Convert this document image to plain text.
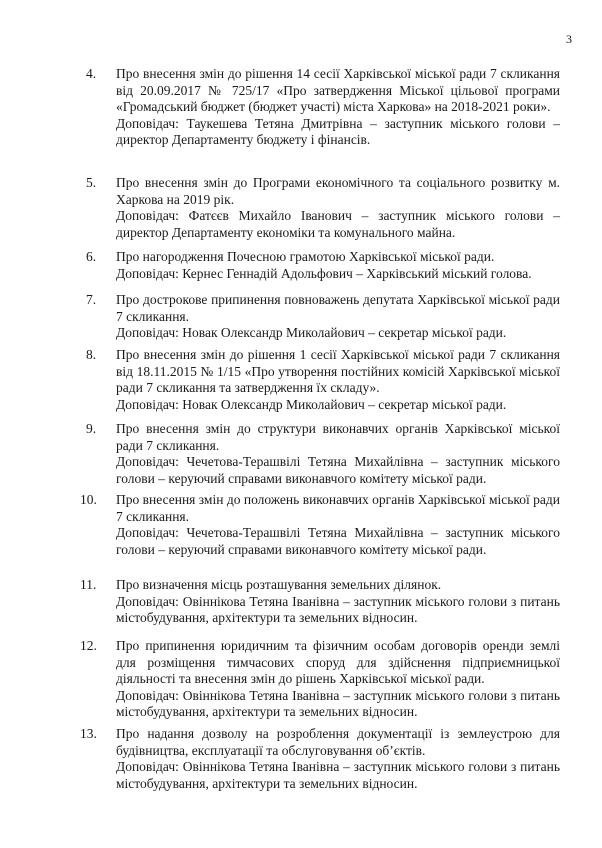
3
4. Про внесення змін до рішення 14 сесії Харківської міської ради 7 скликання від 20.09.2017 № 725/17 «Про затвердження Міської цільової програми «Громадський бюджет (бюджет участі) міста Харкова» на 2018-2021 роки».

Доповідач: Таукешева Тетяна Дмитрівна – заступник міського голови – директор Департаменту бюджету і фінансів.

5. Про внесення змін до Програми економічного та соціального розвитку м. Харкова на 2019 рік.

Доповідач: Фатєєв Михайло Іванович – заступник міського голови – директор Департаменту економіки та комунального майна.

6. Про нагородження Почесною грамотою Харківської міської ради.

Доповідач: Кернес Геннадій Адольфович – Харківський міський голова.

7. Про дострокове припинення повноважень депутата Харківської міської ради 7 скликання.

Доповідач: Новак Олександр Миколайович – секретар міської ради.

8. Про внесення змін до рішення 1 сесії Харківської міської ради 7 скликання від 18.11.2015 № 1/15 «Про утворення постійних комісій Харківської міської ради 7 скликання та затвердження їх складу».

Доповідач: Новак Олександр Миколайович – секретар міської ради.

9. Про внесення змін до структури виконавчих органів Харківської міської ради 7 скликання.

Доповідач: Чечетова-Терашвілі Тетяна Михайлівна – заступник міського голови – керуючий справами виконавчого комітету міської ради.

10. Про внесення змін до положень виконавчих органів Харківської міської ради 7 скликання.

Доповідач: Чечетова-Терашвілі Тетяна Михайлівна – заступник міського голови – керуючий справами виконавчого комітету міської ради.

11. Про визначення місць розташування земельних ділянок.

Доповідач: Овіннікова Тетяна Іванівна – заступник міського голови з питань містобудування, архітектури та земельних відносин.

12. Про припинення юридичним та фізичним особам договорів оренди землі для розміщення тимчасових споруд для здійснення підприємницької діяльності та внесення змін до рішень Харківської міської ради.

Доповідач: Овіннікова Тетяна Іванівна – заступник міського голови з питань містобудування, архітектури та земельних відносин.

13. Про надання дозволу на розроблення документації із землеустрою для будівництва, експлуатації та обслуговування об’єктів.

Доповідач: Овіннікова Тетяна Іванівна – заступник міського голови з питань містобудування, архітектури та земельних відносин.
